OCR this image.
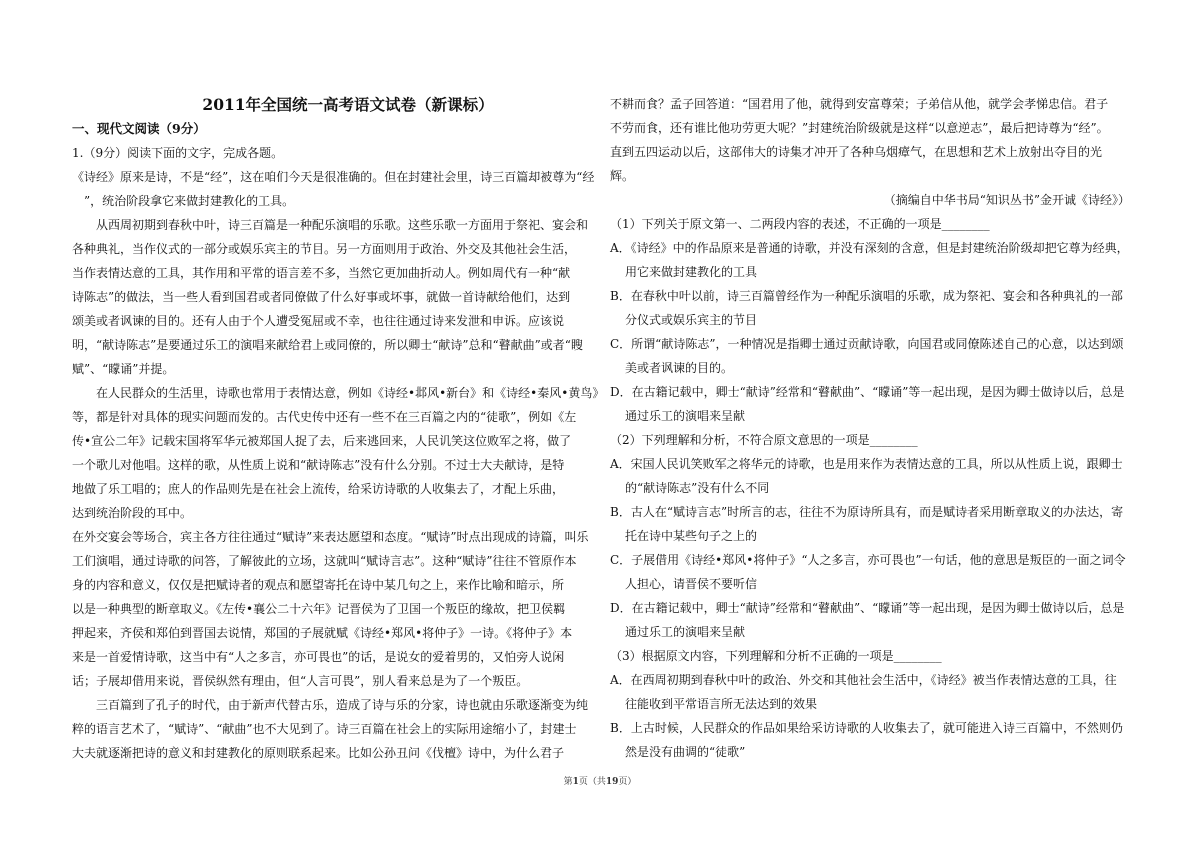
2011年全国统一高考语文试卷（新课标）
一、现代文阅读（9分）
1.（9分）阅读下面的文字，完成各题。
《诗经》原来是诗，不是“经”，这在咱们今天是很准确的。但在封建社会里，诗三百篇却被尊为“经
”，统治阶段拿它来做封建教化的工具。
从西周初期到春秋中叶，诗三百篇是一种配乐演唱的乐歌。这些乐歌一方面用于祭祀、宴会和
各种典礼，当作仪式的一部分或娱乐宾主的节目。另一方面则用于政治、外交及其他社会生活，
当作表情达意的工具，其作用和平常的语言差不多，当然它更加曲折动人。例如周代有一种“献
诗陈志”的做法，当一些人看到国君或者同僚做了什么好事或坏事，就做一首诗献给他们，达到
颂美或者讽谏的目的。还有人由于个人遭受冤屈或不幸，也往往通过诗来发泄和申诉。应该说
明，“献诗陈志”是要通过乐工的演唱来献给君上或同僚的，所以卿士“献诗”总和“瞽献曲”或者“瞍
赋”、“矇诵”并提。
在人民群众的生活里，诗歌也常用于表情达意，例如《诗经•邶风•新台》和《诗经•秦风•黄鸟》
等，都是针对具体的现实问题而发的。古代史传中还有一些不在三百篇之内的“徒歌”，例如《左
传•宣公二年》记载宋国将军华元被郑国人捉了去，后来逃回来，人民讥笑这位败军之将，做了
一个歌儿对他唱。这样的歌，从性质上说和“献诗陈志”没有什么分别。不过士大夫献诗，是特
地做了乐工唱的；庶人的作品则先是在社会上流传，给采访诗歌的人收集去了，才配上乐曲，
达到统治阶段的耳中。
在外交宴会等场合，宾主各方往往通过“赋诗”来表达愿望和态度。“赋诗”时点出现成的诗篇，叫乐
工们演唱，通过诗歌的问答，了解彼此的立场，这就叫“赋诗言志”。这种“赋诗”往往不管原作本
身的内容和意义，仅仅是把赋诗者的观点和愿望寄托在诗中某几句之上，来作比喻和暗示，所
以是一种典型的断章取义。《左传•襄公二十六年》记晋侯为了卫国一个叛臣的缘故，把卫侯羁
押起来，齐侯和郑伯到晋国去说情，郑国的子展就赋《诗经•郑风•将仲子》一诗。《将仲子》本
来是一首爱情诗歌，这当中有“人之多言，亦可畏也”的话，是说女的爱着男的，又怕旁人说闲
话；子展却借用来说，晋侯纵然有理由，但“人言可畏”，别人看来总是为了一个叛臣。
三百篇到了孔子的时代，由于新声代替古乐，造成了诗与乐的分家，诗也就由乐歌逐渐变为纯
粹的语言艺术了，“赋诗”、“献曲”也不大见到了。诗三百篇在社会上的实际用途缩小了，封建士
大夫就逐渐把诗的意义和封建教化的原则联系起来。比如公孙丑问《伐檀》诗中，为什么君子
不耕而食？孟子回答道：“国君用了他，就得到安富尊荣；子弟信从他，就学会孝悌忠信。君子
不劳而食，还有谁比他功劳更大呢？”封建统治阶级就是这样“以意逆志”，最后把诗尊为“经”。
直到五四运动以后，这部伟大的诗集才冲开了各种乌烟瘴气，在思想和艺术上放射出夺目的光
辉。
（摘编自中华书局“知识丛书”金开诚《诗经》）
（1）下列关于原文第一、二两段内容的表述，不正确的一项是________
A．《诗经》中的作品原来是普通的诗歌，并没有深刻的含意，但是封建统治阶级却把它尊为经典，
用它来做封建教化的工具
B．在春秋中叶以前，诗三百篇曾经作为一种配乐演唱的乐歌，成为祭祀、宴会和各种典礼的一部
分仪式或娱乐宾主的节目
C．所谓“献诗陈志”，一种情况是指卿士通过贡献诗歌，向国君或同僚陈述自己的心意，以达到颂
美或者讽谏的目的。
D．在古籍记载中，卿士“献诗”经常和“瞽献曲”、“矇诵”等一起出现，是因为卿士做诗以后，总是
通过乐工的演唱来呈献
（2）下列理解和分析，不符合原文意思的一项是________
A．宋国人民讥笑败军之将华元的诗歌，也是用来作为表情达意的工具，所以从性质上说，跟卿士
的“献诗陈志”没有什么不同
B．古人在“赋诗言志”时所言的志，往往不为原诗所具有，而是赋诗者采用断章取义的办法达，寄
托在诗中某些句子之上的
C．子展借用《诗经•郑风•将仲子》“人之多言，亦可畏也”一句话，他的意思是叛臣的一面之词令
人担心，请晋侯不要听信
D．在古籍记载中，卿士“献诗”经常和“瞽献曲”、“矇诵”等一起出现，是因为卿士做诗以后，总是
通过乐工的演唱来呈献
（3）根据原文内容，下列理解和分析不正确的一项是________
A．在西周初期到春秋中叶的政治、外交和其他社会生活中，《诗经》被当作表情达意的工具，往
往能收到平常语言所无法达到的效果
B．上古时候，人民群众的作品如果给采访诗歌的人收集去了，就可能进入诗三百篇中，不然则仍
然是没有曲调的“徒歌”
第1页（共19页）
